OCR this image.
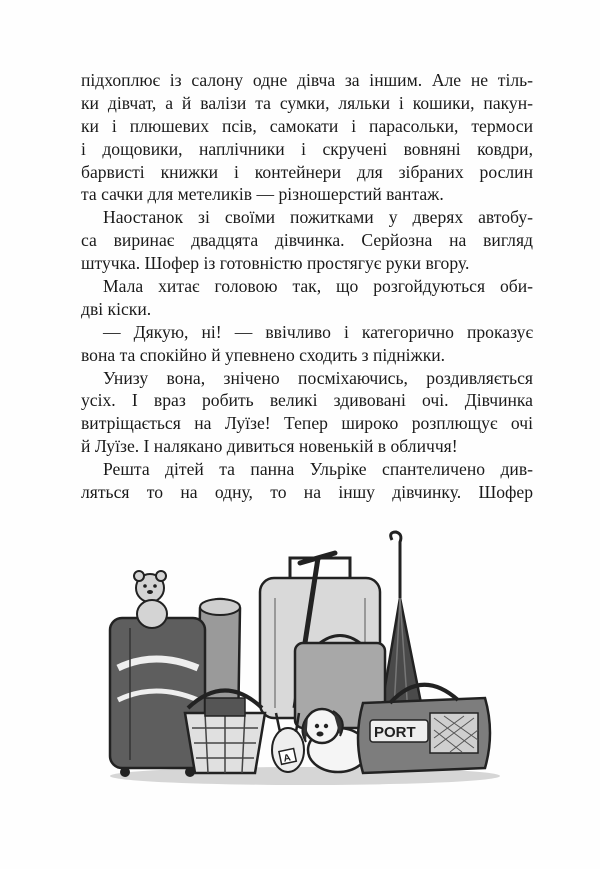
підхоплює із салону одне дівча за іншим. Але не тіль-
ки дівчат, а й валізи та сумки, ляльки і кошики, пакун-
ки і плюшевих псів, самокати і парасольки, термоси
і дощовики, наплічники і скручені вовняні ковдри,
барвисті книжки і контейнери для зібраних рослин
та сачки для метеликів — різношерстий вантаж.
Наостанок зі своїми пожитками у дверях автобу-
са виринає двадцята дівчинка. Серйозна на вигляд
штучка. Шофер із готовністю простягує руки вгору.
Мала хитає головою так, що розгойдуються оби-
дві кіски.
— Дякую, ні! — ввічливо і категорично проказує
вона та спокійно й упевнено сходить з підніжки.
Унизу вона, знічено посміхаючись, роздивляється
усіх. І враз робить великі здивовані очі. Дівчинка
витріщається на Луїзе! Тепер широко розплющує очі
й Луїзе. І налякано дивиться новенькій в обличчя!
Решта дітей та панна Ульріке спантеличено див-
ляться то на одну, то на іншу дівчинку. Шофер
A
PORT
